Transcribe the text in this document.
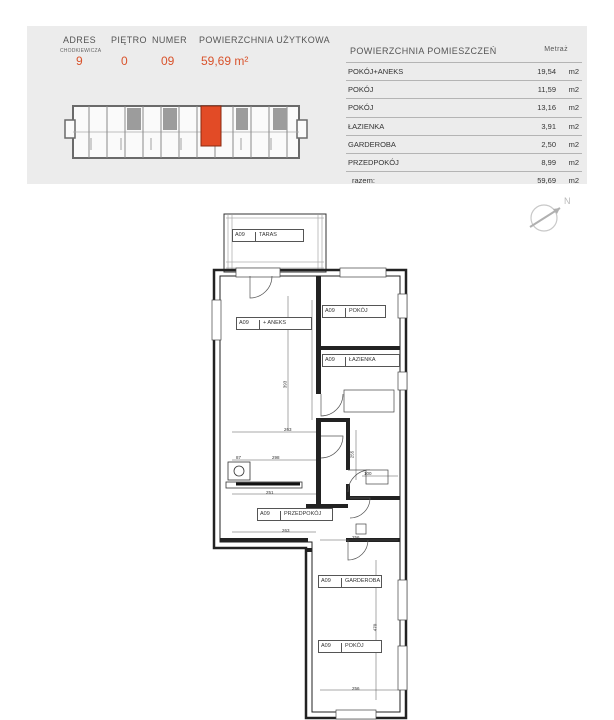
ADRES PIĘTRO NUMER POWIERZCHNIA UŻYTKOWA
CHODKIEWICZA
9	0	09 59,69 m²
POWIERZCHNIA POMIESZCZEŃ	Metraż
POKÓJ+ANEKS	19,54 m2
POKÓJ	11,59 m2
POKÓJ	13,16 m2
ŁAZIENKA	3,91 m2
GARDEROBA	2,50 m2
PRZEDPOKÓJ	8,99 m2
razem:	59,69 m2
N
393
263
298
87
251
263
256
100
255
470
256
A09	+ ANEKS
A09	POKÓJ
A09	ŁAZIENKA
A09	PRZEDPOKÓJ
A09	GARDEROBA
A09	POKÓJ
A09	TARAS
